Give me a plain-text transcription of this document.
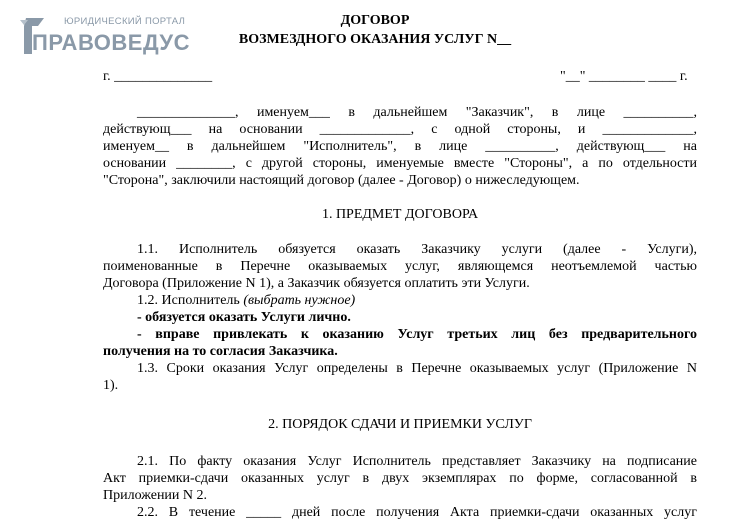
ЮРИДИЧЕСКИЙ ПОРТАЛ
ПРАВОВЕДУС
ДОГОВОР
ВОЗМЕЗДНОГО ОКАЗАНИЯ УСЛУГ N__
г. ______________	"__" ________ ____ г.
______________, именуем___ в дальнейшем "Заказчик", в лице __________,
действующ___ на основании _____________, с одной стороны, и _____________,
именуем__ в дальнейшем "Исполнитель", в лице __________, действующ___ на
основании ________, с другой стороны, именуемые вместе "Стороны", а по отдельности
"Сторона", заключили настоящий договор (далее - Договор) о нижеследующем.
1. ПРЕДМЕТ ДОГОВОРА
1.1. Исполнитель обязуется оказать Заказчику услуги (далее - Услуги),
поименованные в Перечне оказываемых услуг, являющемся неотъемлемой частью
Договора (Приложение N 1), а Заказчик обязуется оплатить эти Услуги.
1.2. Исполнитель (выбрать нужное)
- обязуется оказать Услуги лично.
- вправе привлекать к оказанию Услуг третьих лиц без предварительного
получения на то согласия Заказчика.
1.3. Сроки оказания Услуг определены в Перечне оказываемых услуг (Приложение N
1).
2. ПОРЯДОК СДАЧИ И ПРИЕМКИ УСЛУГ
2.1. По факту оказания Услуг Исполнитель представляет Заказчику на подписание
Акт приемки-сдачи оказанных услуг в двух экземплярах по форме, согласованной в
Приложении N 2.
2.2. В течение _____ дней после получения Акта приемки-сдачи оказанных услуг
